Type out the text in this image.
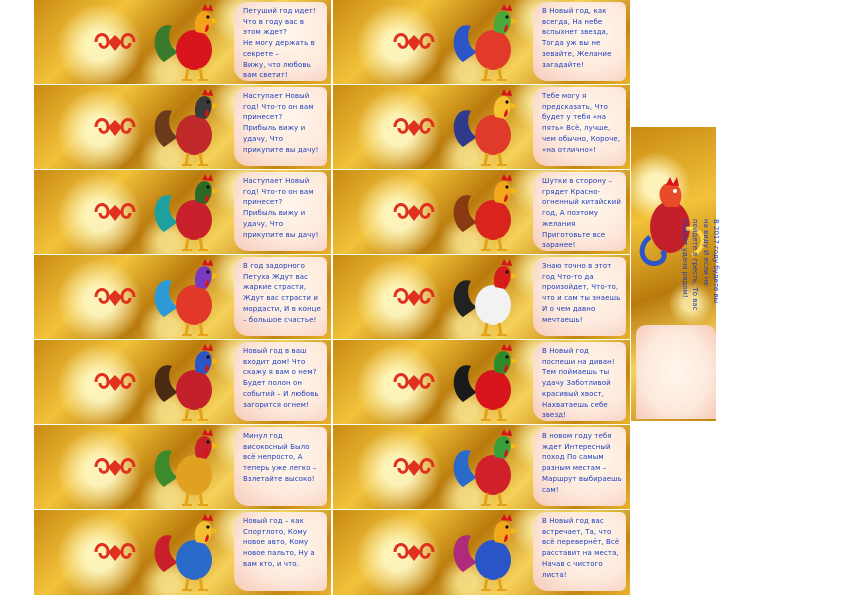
Петуший год идет!
Что в году вас в этом ждет?
Не могу держать в секрете –
Вижу, что любовь вам светит!

В Новый год, как всегда, На небе вспыхнет звезда, Тогда уж вы не зевайте, Желание загадайте!

Наступает Новый год! Что-то он вам принесет?
Прибыль вижу и удачу, Что прикупите вы дачу!

Тебе могу я предсказать, Что будет у тебя «на пять» Всё, лучше, чем обычно, Короче, «на отлично»!

Наступает Новый год! Что-то он вам принесет?
Прибыль вижу и удачу, Что прикупите вы дачу!

Шутки в сторону – грядет Красно-огненный китайский год, А поэтому желания Приготовьте все заранее!

В год задорного Петуха Ждут вас жаркие страсти, Ждут вас страсти и мордасти, И в конце – большое счастье!

Знаю точно в этот год Что-то да произойдет, Что-то, что и сам ты знаешь И о чем давно мечтаешь!

Новый год в ваш входит дом! Что скажу я вам о нем?
Будет полон он событий – И любовь загорится огнем!

В Новый год поспеши на диван! Тем поймаешь ты удачу Заботливой красивый хвост, Нахватаешь себе звезд!

Минул год високосный Было всё непросто, А теперь уже легко – Взлетайте высоко!

В новом году тебя ждет Интересный поход По самым разным местам – Маршрут выбираешь сам!

Новый год – как Спортлото, Кому новое авто, Кому новое пальто, Ну а вам кто, и что.

В Новый год вас встречает, Та, что всё перевернёт, Всё расставит на места, Начав с чистого листа!

В 2017 году будете вы на виду И если не пойдете в гресть, То вас пойдет удача рядом!
